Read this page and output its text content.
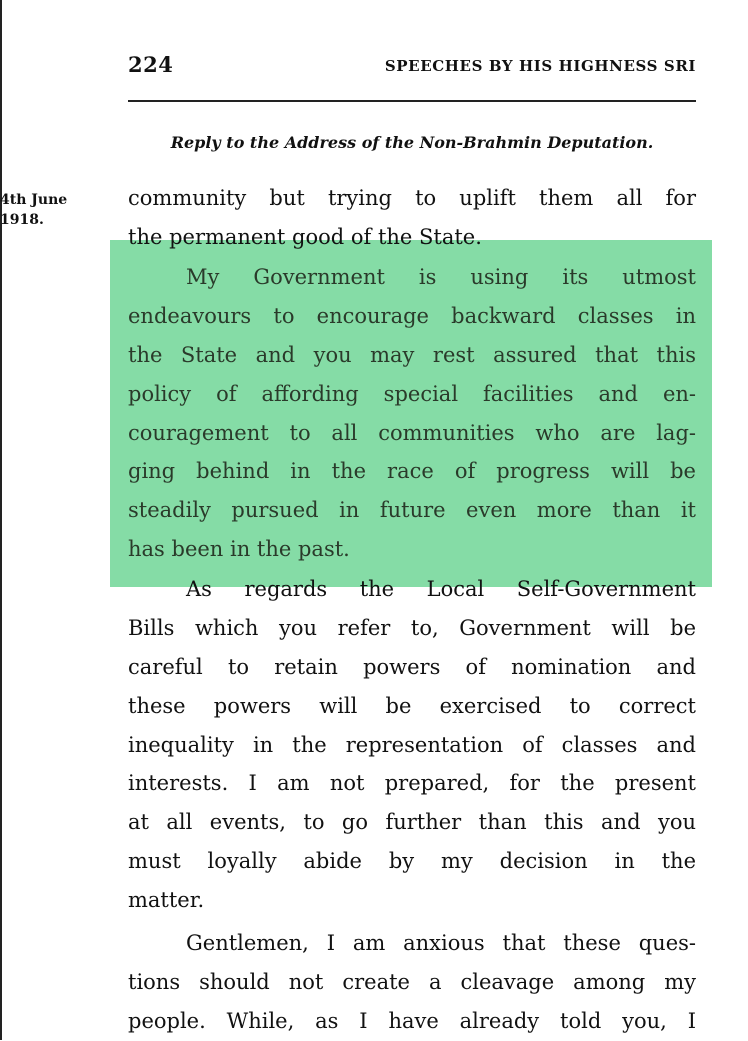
224	SPEECHES BY HIS HIGHNESS SRI
Reply to the Address of the Non-Brahmin Deputation.
4th June
1918.
community but trying to uplift them all for
the permanent good of the State.
My Government is using its utmost
endeavours to encourage backward classes in
the State and you may rest assured that this
policy of affording special facilities and en-
couragement to all communities who are lag-
ging behind in the race of progress will be
steadily pursued in future even more than it
has been in the past.
As regards the Local Self-Government
Bills which you refer to, Government will be
careful to retain powers of nomination and
these powers will be exercised to correct
inequality in the representation of classes and
interests. I am not prepared, for the present
at all events, to go further than this and you
must loyally abide by my decision in the
matter.
Gentlemen, I am anxious that these ques-
tions should not create a cleavage among my
people. While, as I have already told you, I
